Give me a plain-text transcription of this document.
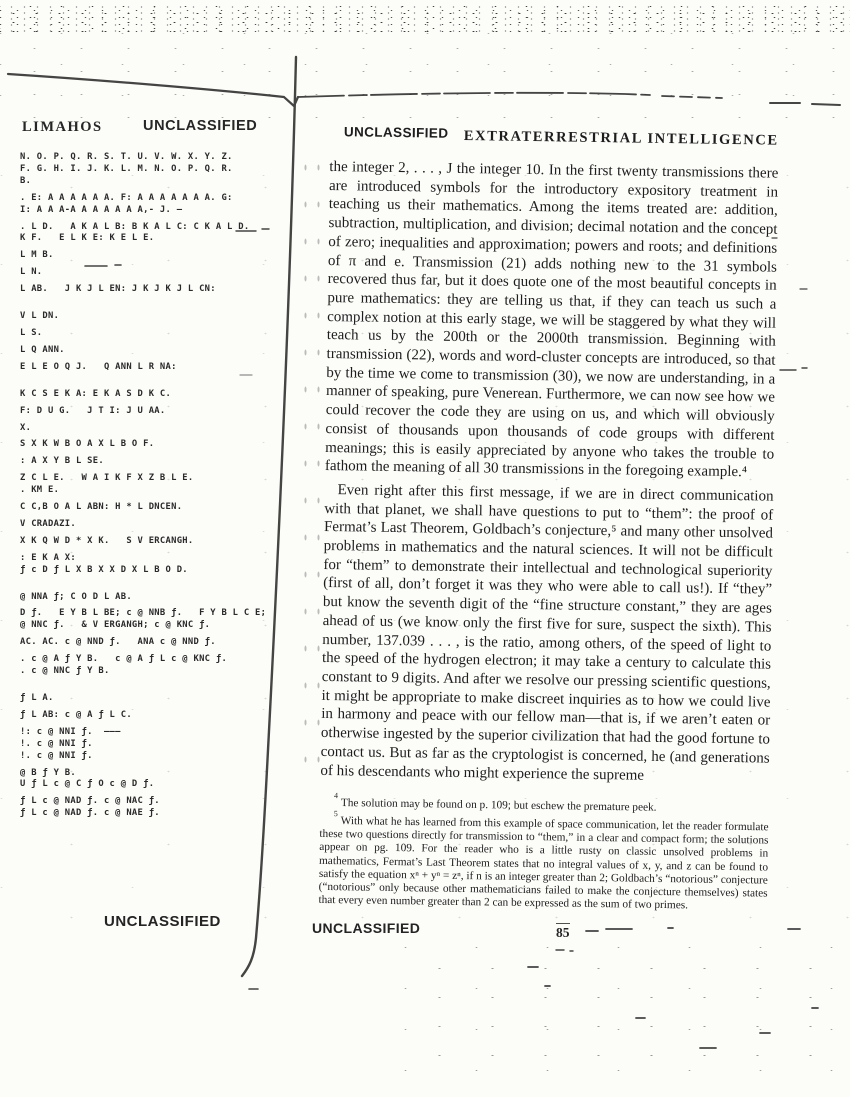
LIMAHOS	UNCLASSIFIED
N. O. P. Q. R. S. T. U. V. W. X. Y. Z.
F. G. H. I. J. K. L. M. N. O. P. Q. R.
B.
. E: A A A A A A. F: A A A A A A A. G:
I: A A A-A A A A A A A,- J. —
. L D.   A K A L B: B K A L C: C K A L D.
K F.   E L K E: K E L E.
L M B.
L N.
L AB.   J K J L EN: J K J K J L CN:
V L DN.
L S.
L Q ANN.
E L E O Q J.   Q ANN L R NA:
K C S E K A: E K A S D K C.
F: D U G.   J T I: J U AA.
X.
S X K W B O A X L B O F.
: A X Y B L SE.
Z C L E.   W A I K F X Z B L E.
. KM E.
C C,B O A L ABN: H * L DNCEN.
V CRADAZI.
X K Q W D * X K.   S V ERCANGH.
: E K A X:
ƒ c D ƒ L X B X X D X L B O D.
@ NNA ƒ; C O D L AB.
D ƒ.   E Y B L BE; c @ NNB ƒ.   F Y B L C E;
@ NNC ƒ.   & V ERGANGH; c @ KNC ƒ.
AC. AC. c @ NND ƒ.   ANA c @ NND ƒ.
. c @ A ƒ Y B.   c @ A ƒ L c @ KNC ƒ.
. c @ NNC ƒ Y B.
ƒ L A.
ƒ L AB: c @ A ƒ L C.
!: c @ NNI ƒ.  ———
!. c @ NNI ƒ.
!. c @ NNI ƒ.
@ B ƒ Y B.
U ƒ L c @ C ƒ O c @ D ƒ.
ƒ L c @ NAD ƒ. c @ NAC ƒ.
ƒ L c @ NAD ƒ. c @ NAE ƒ.
UNCLASSIFIED EXTRATERRESTRIAL INTELLIGENCE

the integer 2, . . . , J the integer 10. In the first twenty transmissions there are introduced symbols for the introductory expository treatment in teaching us their mathematics. Among the items treated are: addition, subtraction, multiplication, and division; decimal notation and the concept of zero; inequalities and approximation; powers and roots; and definitions of π and e. Transmission (21) adds nothing new to the 31 symbols recovered thus far, but it does quote one of the most beautiful concepts in pure mathematics: they are telling us that, if they can teach us such a complex notion at this early stage, we will be staggered by what they will teach us by the 200th or the 2000th transmission. Beginning with transmission (22), words and word-cluster concepts are introduced, so that by the time we come to transmission (30), we now are understanding, in a manner of speaking, pure Venerean. Furthermore, we can now see how we could recover the code they are using on us, and which will obviously consist of thousands upon thousands of code groups with different meanings; this is easily appreciated by anyone who takes the trouble to fathom the meaning of all 30 transmissions in the foregoing example.⁴

Even right after this first message, if we are in direct communication with that planet, we shall have questions to put to “them”: the proof of Fermat’s Last Theorem, Goldbach’s conjecture,⁵ and many other unsolved problems in mathematics and the natural sciences. It will not be difficult for “them” to demonstrate their intellectual and technological superiority (first of all, don’t forget it was they who were able to call us!). If “they” but know the seventh digit of the “fine structure constant,” they are ages ahead of us (we know only the first five for sure, suspect the sixth). This number, 137.039 . . . , is the ratio, among others, of the speed of light to the speed of the hydrogen electron; it may take a century to calculate this constant to 9 digits. And after we resolve our pressing scientific questions, it might be appropriate to make discreet inquiries as to how we could live in harmony and peace with our fellow man—that is, if we aren’t eaten or otherwise ingested by the superior civilization that had the good fortune to contact us. But as far as the cryptologist is concerned, he (and generations of his descendants who might experience the supreme

$^4$The solution may be found on p. 109; but eschew the premature peek.

$^5$With what he has learned from this example of space communication, let the reader formulate these two questions directly for transmission to “them,” in a clear and compact form; the solutions appear on pg. 109. For the reader who is a little rusty on classic unsolved problems in mathematics, Fermat’s Last Theorem states that no integral values of x, y, and z can be found to satisfy the equation xⁿ + yⁿ = zⁿ, if n is an integer greater than 2; Goldbach’s “notorious” conjecture (“notorious” only because other mathematicians failed to make the conjecture themselves) states that every even number greater than 2 can be expressed as the sum of two primes.

UNCLASSIFIED	UNCLASSIFIED	85
